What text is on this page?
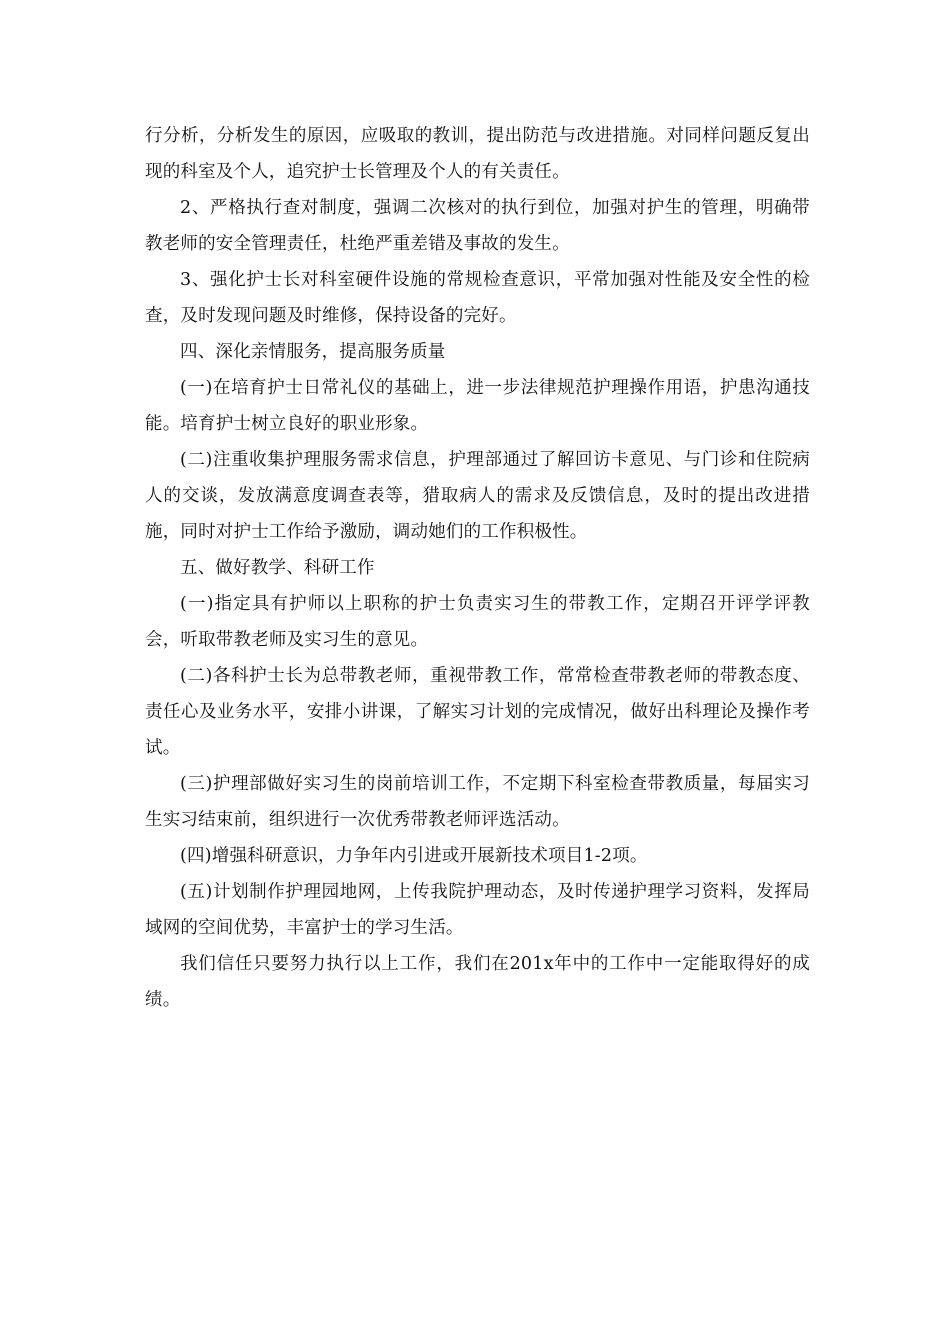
行分析，分析发生的原因，应吸取的教训，提出防范与改进措施。对同样问题反复出现的科室及个人，追究护士长管理及个人的有关责任。

2、严格执行查对制度，强调二次核对的执行到位，加强对护生的管理，明确带教老师的安全管理责任，杜绝严重差错及事故的发生。

3、强化护士长对科室硬件设施的常规检查意识，平常加强对性能及安全性的检查，及时发现问题及时维修，保持设备的完好。

四、深化亲情服务，提高服务质量

(一)在培育护士日常礼仪的基础上，进一步法律规范护理操作用语，护患沟通技能。培育护士树立良好的职业形象。

(二)注重收集护理服务需求信息，护理部通过了解回访卡意见、与门诊和住院病人的交谈，发放满意度调查表等，猎取病人的需求及反馈信息，及时的提出改进措施，同时对护士工作给予激励，调动她们的工作积极性。

五、做好教学、科研工作

(一)指定具有护师以上职称的护士负责实习生的带教工作，定期召开评学评教会，听取带教老师及实习生的意见。

(二)各科护士长为总带教老师，重视带教工作，常常检查带教老师的带教态度、责任心及业务水平，安排小讲课，了解实习计划的完成情况，做好出科理论及操作考试。

(三)护理部做好实习生的岗前培训工作，不定期下科室检查带教质量，每届实习生实习结束前，组织进行一次优秀带教老师评选活动。

(四)增强科研意识，力争年内引进或开展新技术项目1-2项。

(五)计划制作护理园地网，上传我院护理动态，及时传递护理学习资料，发挥局域网的空间优势，丰富护士的学习生活。

我们信任只要努力执行以上工作，我们在201x年中的工作中一定能取得好的成绩。
